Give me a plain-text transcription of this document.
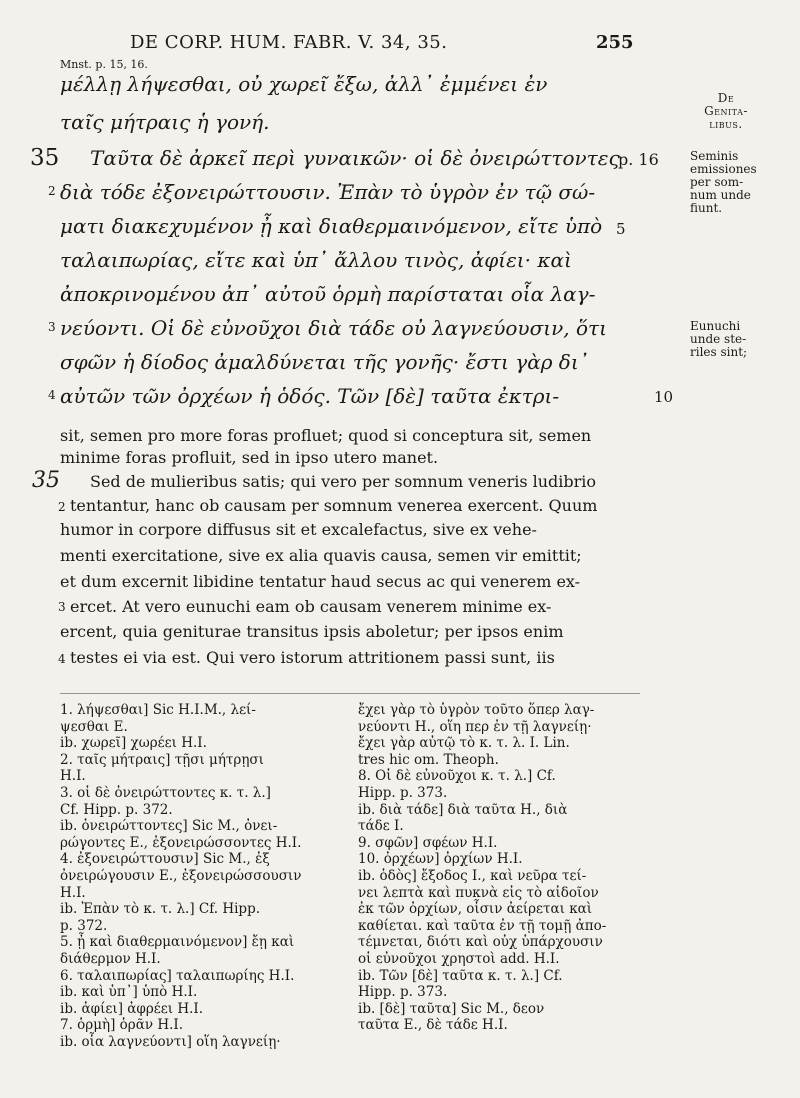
DE CORP. HUM. FABR. V. 34, 35.	255
Mnst. p. 15, 16.
μέλλῃ λήψεσθαι, οὐ χωρεῖ ἔξω, ἀλλ᾽ ἐμμένει ἐν
ταῖς μήτραις ἡ γονή.
35 Ταῦτα δὲ ἀρκεῖ περὶ γυναικῶν· οἱ δὲ ὀνειρώττοντες
p. 16
2 διὰ τόδε ἐξονειρώττουσιν. Ἐπὰν τὸ ὑγρὸν ἐν τῷ σώ-
ματι διακεχυμένον ᾖ καὶ διαθερμαινόμενον, εἴτε ὑπὸ 5
ταλαιπωρίας, εἴτε καὶ ὑπ᾽ ἄλλου τινὸς, ἀφίει· καὶ
ἀποκρινομένου ἀπ᾽ αὐτοῦ ὁρμὴ παρίσταται οἷα λαγ-
3 νεύοντι. Οἱ δὲ εὐνοῦχοι διὰ τάδε οὐ λαγνεύουσιν, ὅτι
σφῶν ἡ δίοδος ἀμαλδύνεται τῆς γονῆς· ἔστι γὰρ δι᾽
4 αὐτῶν τῶν ὀρχέων ἡ ὁδός. Τῶν [δὲ] ταῦτα ἐκτρι-	10
sit, semen pro more foras profluet; quod si conceptura sit, semen
minime foras profluit, sed in ipso utero manet.
35 Sed de mulieribus satis; qui vero per somnum veneris ludibrio
2 tentantur, hanc ob causam per somnum venerea exercent. Quum
humor in corpore diffusus sit et excalefactus, sive ex vehe-
menti exercitatione, sive ex alia quavis causa, semen vir emittit;
et dum excernit libidine tentatur haud secus ac qui venerem ex-
3 ercet. At vero eunuchi eam ob causam venerem minime ex-
ercent, quia geniturae transitus ipsis aboletur; per ipsos enim
4 testes ei via est. Qui vero istorum attritionem passi sunt, iis
De
Genita-
libus.
Seminis
emissiones
per som-
num unde
fiunt.
Eunuchi
unde ste-
riles sint;
1. λήψεσθαι] Sic H.I.M., λεί-
ψεσθαι E.
ib. χωρεῖ] χωρέει H.I.
2. ταῖς μήτραις] τῇσι μήτρῃσι
H.I.
3. οἱ δὲ ὀνειρώττοντες κ. τ. λ.]
Cf. Hipp. p. 372.
ib. ὀνειρώττοντες] Sic M., ὀνει-
ρώγοντες E., ἐξονειρώσσοντες H.I.
4. ἐξονειρώττουσιν] Sic M., ἐξ
ὀνειρώγουσιν E., ἐξονειρώσσουσιν
H.I.
ib. Ἐπὰν τὸ κ. τ. λ.] Cf. Hipp.
p. 372.
5. ᾖ καὶ διαθερμαινόμενον] ἔῃ καὶ
διάθερμον H.I.
6. ταλαιπωρίας] ταλαιπωρίης H.I.
ib. καὶ ὑπ᾽] ὑπὸ H.I.
ib. ἀφίει] ἀφρέει H.I.
7. ὁρμὴ] ὁρᾶν H.I.
ib. οἷα λαγνεύοντι] οἵη λαγνείῃ·
ἔχει γὰρ τὸ ὑγρὸν τοῦτο ὅπερ λαγ-
νεύοντι H., οἵη περ ἐν τῇ λαγνείῃ·
ἔχει γὰρ αὐτῷ τὸ κ. τ. λ. I. Lin.
tres hic om. Theoph.
8. Οἱ δὲ εὐνοῦχοι κ. τ. λ.] Cf.
Hipp. p. 373.
ib. διὰ τάδε] διὰ ταῦτα H., διὰ
τάδε I.
9. σφῶν] σφέων H.I.
10. ὀρχέων] ὀρχίων H.I.
ib. ὁδὸς] ἔξοδος I., καὶ νεῦρα τεί-
νει λεπτὰ καὶ πυκνὰ εἰς τὸ αἰδοῖον
ἐκ τῶν ὀρχίων, οἷσιν ἀείρεται καὶ
καθίεται. καὶ ταῦτα ἐν τῇ τομῇ ἀπο-
τέμνεται, διότι καὶ οὐχ ὑπάρχουσιν
οἱ εὐνοῦχοι χρηστοὶ add. H.I.
ib. Τῶν [δὲ] ταῦτα κ. τ. λ.] Cf.
Hipp. p. 373.
ib. [δὲ] ταῦτα] Sic M., δεον
ταῦτα E., δὲ τάδε H.I.
